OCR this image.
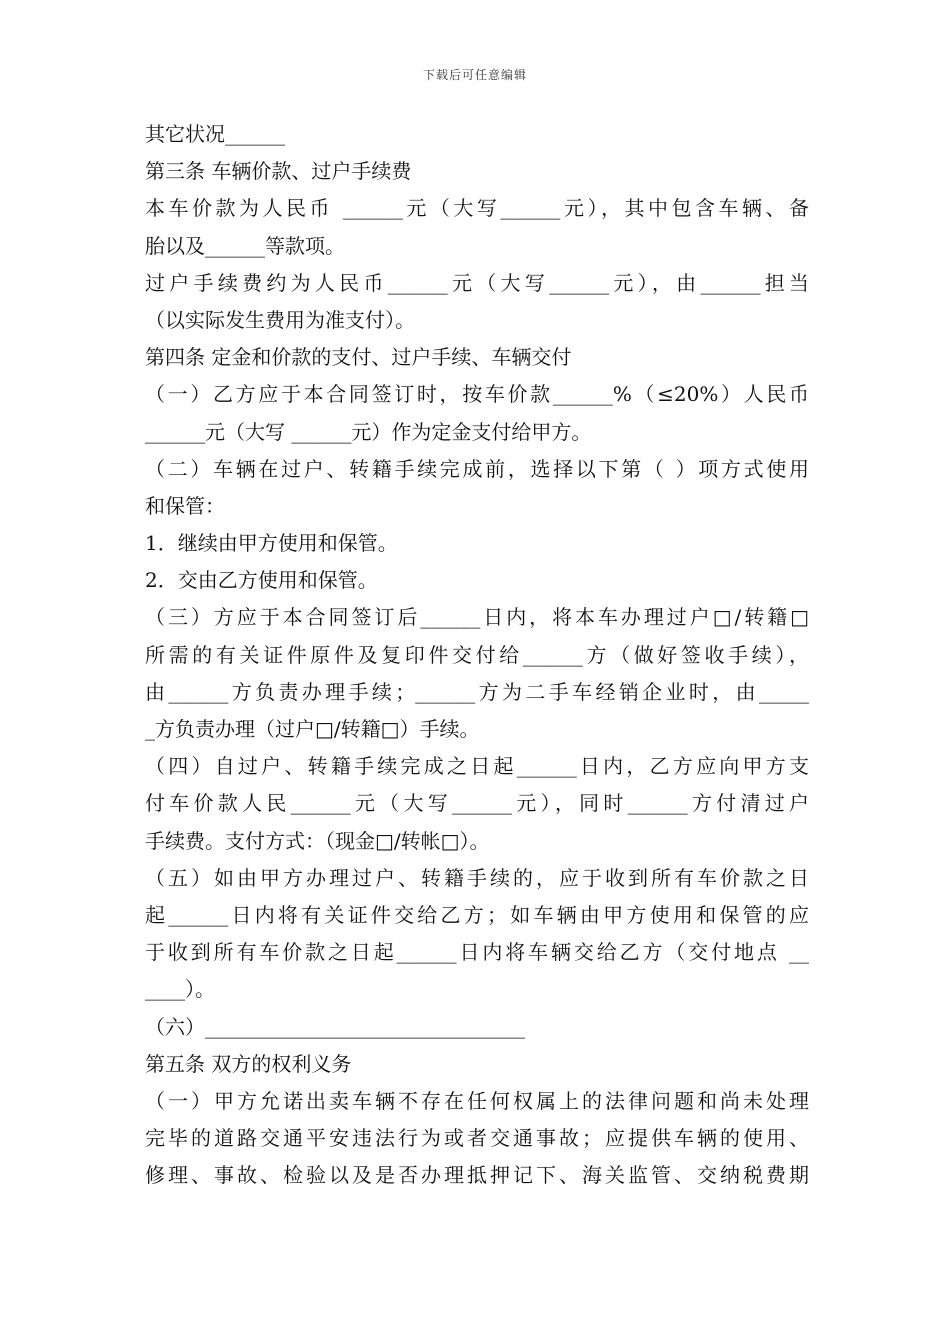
下载后可任意编辑
其它状况______
第三条 车辆价款、过户手续费
本车价款为人民币 ______元（大写______元），其中包含车辆、备
胎以及______等款项。
过户手续费约为人民币______元（大写______元），由______担当
（以实际发生费用为准支付）。
第四条 定金和价款的支付、过户手续、车辆交付
（一）乙方应于本合同签订时，按车价款______%（≤20%）人民币
______元（大写 ______元）作为定金支付给甲方。
（二）车辆在过户、转籍手续完成前，选择以下第（ ）项方式使用
和保管：
1．继续由甲方使用和保管。
2．交由乙方使用和保管。
（三）方应于本合同签订后______日内，将本车办理过户□/转籍□
所需的有关证件原件及复印件交付给______方（做好签收手续），
由______方负责办理手续；______方为二手车经销企业时，由_____
_方负责办理（过户□/转籍□）手续。
（四）自过户、转籍手续完成之日起______日内，乙方应向甲方支
付车价款人民______元（大写______元），同时______方付清过户
手续费。支付方式：（现金□/转帐□）。
（五）如由甲方办理过户、转籍手续的，应于收到所有车价款之日
起______日内将有关证件交给乙方；如车辆由甲方使用和保管的应
于收到所有车价款之日起______日内将车辆交给乙方（交付地点 __
____）。
（六）________________________________
第五条 双方的权利义务
（一）甲方允诺出卖车辆不存在任何权属上的法律问题和尚未处理
完毕的道路交通平安违法行为或者交通事故；应提供车辆的使用、
修理、事故、检验以及是否办理抵押记下、海关监管、交纳税费期
